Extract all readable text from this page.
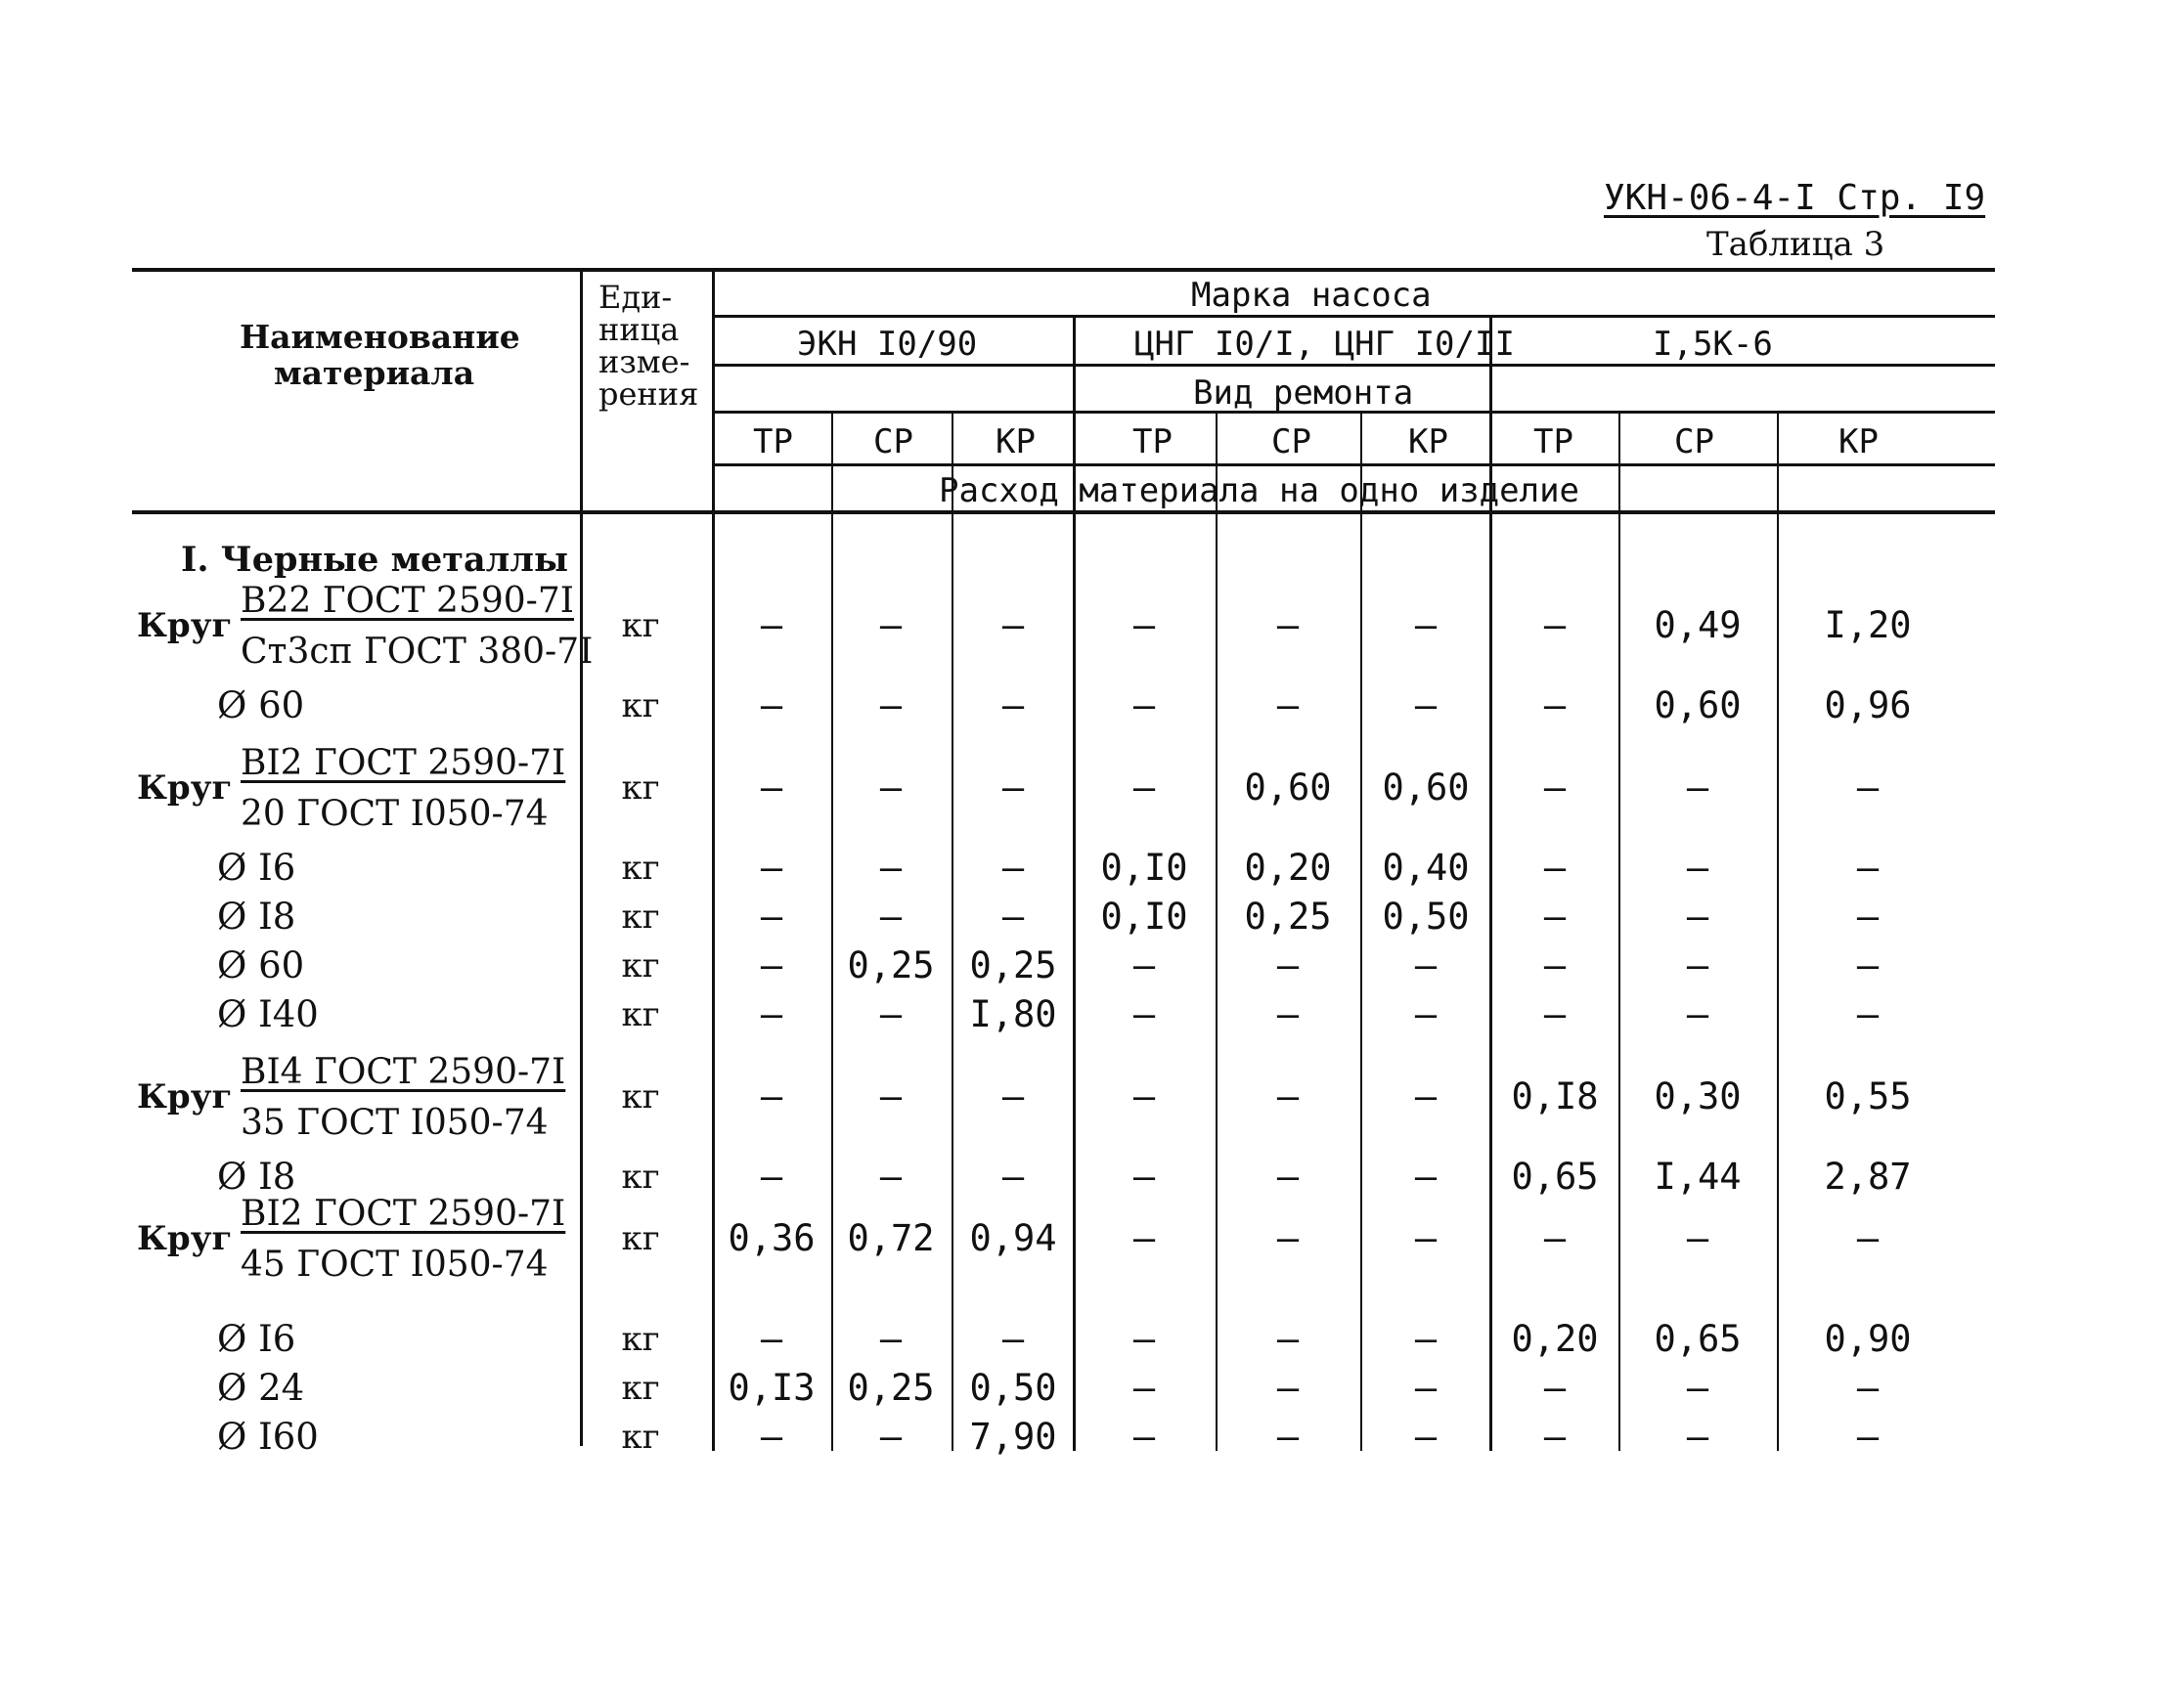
УКН-06-4-I Стр. I9
Таблица 3
Наименование
материала
Еди-
ница
изме-
рения
Марка насоса
ЭКН I0/90	ЦНГ I0/I, ЦНГ I0/II	I,5К-6
Вид ремонта
ТР СР КР	ТР	СР	КР	ТР	СР	КР
Расход материала на одно изделие
I. Черные металлы
Круг
В22 ГОСТ 2590-7I
Ст3сп ГОСТ 380-7I
кг	–	–	–	–	–	–	–	0,49	I,20
Ø 60	кг	–	–	–	–	–	–	–	0,60	0,96
Круг
ВI2 ГОСТ 2590-7I
20 ГОСТ I050-74
кг	–	–	–	–	0,60	0,60	–	–	–
Ø I6	кг	–	–	–	0,I0	0,20	0,40	–	–	–
Ø I8	кг	–	–	–	0,I0	0,25	0,50	–	–	–
Ø 60	кг	–	0,25 0,25	–	–	–	–	–	–
Ø I40	кг	–	–	I,80	–	–	–	–	–	–
Круг
ВI4 ГОСТ 2590-7I
35 ГОСТ I050-74
кг	–	–	–	–	–	–	0,I8	0,30	0,55
Ø I8	кг	–	–	–	–	–	–	0,65	I,44	2,87
Круг
ВI2 ГОСТ 2590-7I
45 ГОСТ I050-74
кг	0,36 0,72 0,94	–	–	–	–	–	–
Ø I6	кг	–	–	–	–	–	–	0,20	0,65	0,90
Ø 24	кг	0,I3 0,25 0,50	–	–	–	–	–	–
Ø I60	кг	–	–	7,90	–	–	–	–	–	–
